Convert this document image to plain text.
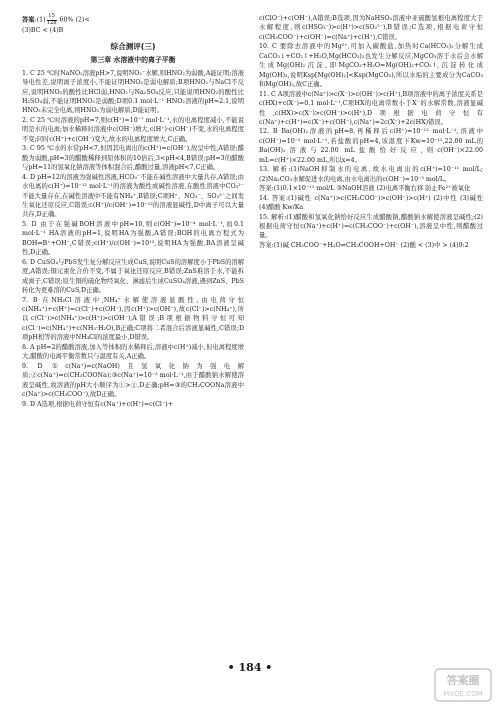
答案:(1) $\frac{15}{128} 60\%$ (2)<

(3)BC < (4)B

综合测评(三)
第三章 水溶液中的离子平衡

1. C 25 ℃时NaNO₂溶液pH>7,说明NO₂⁻水解,则HNO₂为弱酸,A能证明;溶液导电性差,说明离子浓度小,不能证明HNO₂是弱电解质;B项HNO₂与NaCl不反应,说明HNO₂的酸性比HCl弱,HNO₂与Na₂SO₄反应,只能说明HNO₂的酸性比H₂SO₄弱,不能证明HNO₂是弱酸;D项0.1 mol·L⁻¹ HNO₂溶液的pH=2.1,说明HNO₂未完全电离,则HNO₂为弱电解质,D能证明。

2. C 25 ℃时溶液的pH=7,则c(H⁺)=10⁻⁷ mol·L⁻¹,水的电离程度减小,不能说明是水的电离;加水稀释时溶液中c(OH⁻)增大,c(H⁺)·c(OH⁻)不变,水的电离程度不变;同时c(H⁺)+c(OH⁻)变大,故水的电离程度增大,C正确。

3. C 95 ℃水的水常pH<7,但因其电离出的c(H⁺)=c(OH⁻),故呈中性,A错误;醋酸为弱酸,pH=3的醋酸稀释到原体积的10倍后,3<pH<4,B错误;pH=3的醋酸与pH=11的氢氧化钠溶液等体积混合后,醋酸过量,溶液pH<7,C正确。

4. D pH=12的溶液为强碱性溶液,HCO₃⁻不能在碱性溶液中大量共存,A错误;由水电离的c(H⁺)=10⁻¹² mol·L⁻¹的溶液为酸性或碱性溶液,在酸性溶液中CO₃²⁻不能大量存在,在碱性溶液中不能有NH₄⁺,B错误;C项H⁺、NO₃⁻、SO₃²⁻之间发生氧化还原反应,C错误;c(H⁺)/c(OH⁻)=10⁻¹²的溶液显碱性,D中离子可以大量共存,D正确。

5. D 由于在强碱BOH溶液中pH=10,则c(OH⁻)=10⁻⁴ mol·L⁻¹,而0.1 mol·L⁻¹ HA溶液的pH=1,说明HA为强酸,A错误;BOH的电离方程式为BOH⇌B⁺+OH⁻,C错误;c(H⁺)/c(OH⁻)=10¹²,说明HA为强酸,BA溶液呈碱性,D正确。

6. D CuSO₄与PbS发生复分解反应生成CuS,说明CuS的溶解度小于PbS的溶解度,A错误;铜元素化合价不变,不属于氧化还原反应,B错误;ZnS难溶于水,不能拆成离子,C错误;原生铜的硫化物经氧化、淋滤后生成CuSO₄溶液,遇到ZnS、PbS转化为更难溶的CuS,D正确。

7. B 在NH₄Cl溶液中,NH₄⁺水解使溶液显酸性,由电荷守恒c(NH₄⁺)+c(H⁺)=c(Cl⁻)+c(OH⁻),因c(H⁺)>c(OH⁻),故c(Cl⁻)>c(NH₄⁺),所以c(Cl⁻)>c(NH₄⁺)>c(H⁺)>c(OH⁻),A错误;B项根据物料守恒可知c(Cl⁻)=c(NH₄⁺)+c(NH₃·H₂O),B正确;C项将二者混合后溶液显碱性,C错误;D项pH相等的溶液中NH₄Cl的浓度最小,D错误。

8. A pH=2的醋酸溶液,加入等体积的水稀释后,溶液中c(H⁺)减小,但电离程度增大,醋酸的电离平衡常数只与温度有关,A正确。

9. D ①c(Na⁺)=c(NaOH)且氢氧化钠为强电解质;②c(Na⁺)=c(CH₃COONa);③c(Na⁺)=10⁻³ mol·L⁻¹,由于醋酸钠水解使溶液呈碱性,故溶液的pH大小顺序为①>②,D正确;pH=③的CH₃COONa溶液中c(Na⁺)>c(CH₃COO⁻),故D正确。

9. D A选项,根据电荷守恒有c(Na⁺)+c(H⁺)=c(Cl⁻)+

c(ClO⁻)+c(OH⁻),A错误;B选项,因为NaHSO₃溶液中亚硫酸氢根电离程度大于水解程度,则c(HSO₃⁻)>c(H⁺)>c(SO₃²⁻),B错误;C选项,根据电荷守恒c(CH₃COO⁻)+c(OH⁻)=c(Na⁺)+c(H⁺),C错误。

10. C 要除去溶液中的Mg²⁺,可加入碳酸盐,加热时Ca(HCO₃)₂分解生成CaCO₃↓+CO₂↑+H₂O,Mg(HCO₃)₂也发生分解反应,MgCO₃溶于水后会水解生成Mg(OH)₂沉淀,即MgCO₃+H₂O=Mg(OH)₂+CO₂↑,沉淀转化成Mg(OH)₂,说明Ksp[Mg(OH)₂]<Ksp(MgCO₃),所以水垢的主要成分为CaCO₃和Mg(OH)₂,故C正确。

11. C A项溶液中c(Na⁺)>c(X⁻)>c(OH⁻)>c(H⁺),B项溶液中的离子浓度关系是c(HX)+c(X⁻)=0.1 mol·L⁻¹,C项HX的电离常数小于X⁻的水解常数,溶液显碱性,c(HX)>c(X⁻)>c(OH⁻)>c(H⁺),D项根据电荷守恒有c(Na⁺)+c(H⁺)=c(X⁻)+c(OH⁻),c(Na⁺)=2c(X⁻)+2c(HX)错误。

12. B Ba(OH)₂溶液的pH=8,再稀释后c(H⁺)=10⁻¹² mol·L⁻¹,溶液中c(OH⁻)=10⁻² mol·L⁻¹,若盐酸的pH=4,该温度下Kw=10⁻¹²,22.00 mL的Ba(OH)₂溶液与22.00 mL盐酸恰好反应,则c(OH⁻)×22.00 mL=c(H⁺)×22.00 mL,所以x=4。

13. 解析:(1)NaOH抑制水的电离,故水电离出的c(H⁺)=10⁻¹¹ mol/L;(2)Na₂CO₃水解促进水的电离,由水电离出的c(OH⁻)=10⁻³ mol/L。

答案:(1)0.1×10⁻¹¹ mol/L ③NaOH溶液 (2)电离平衡右移 防止Fe²⁺被氧化

14. 答案:(1)碱性 c(Na⁺)>c(CH₃COO⁻)>c(OH⁻)>c(H⁺) (2)中性 (3)碱性 (4)醋酸 Kw/Ka

15. 解析:(1)醋酸和氢氧化钠恰好反应生成醋酸钠,醋酸钠水解使溶液呈碱性;(2)根据电荷守恒c(Na⁺)+c(H⁺)=c(CH₃COO⁻)+c(OH⁻),溶液呈中性,则醋酸过量。

答案:(1)碱 CH₃COO⁻+H₂O⇌CH₃COOH+OH⁻ (2)酸 < (3)中 > (4)9:2

• 184 •
答案圈
MXQE.COM
